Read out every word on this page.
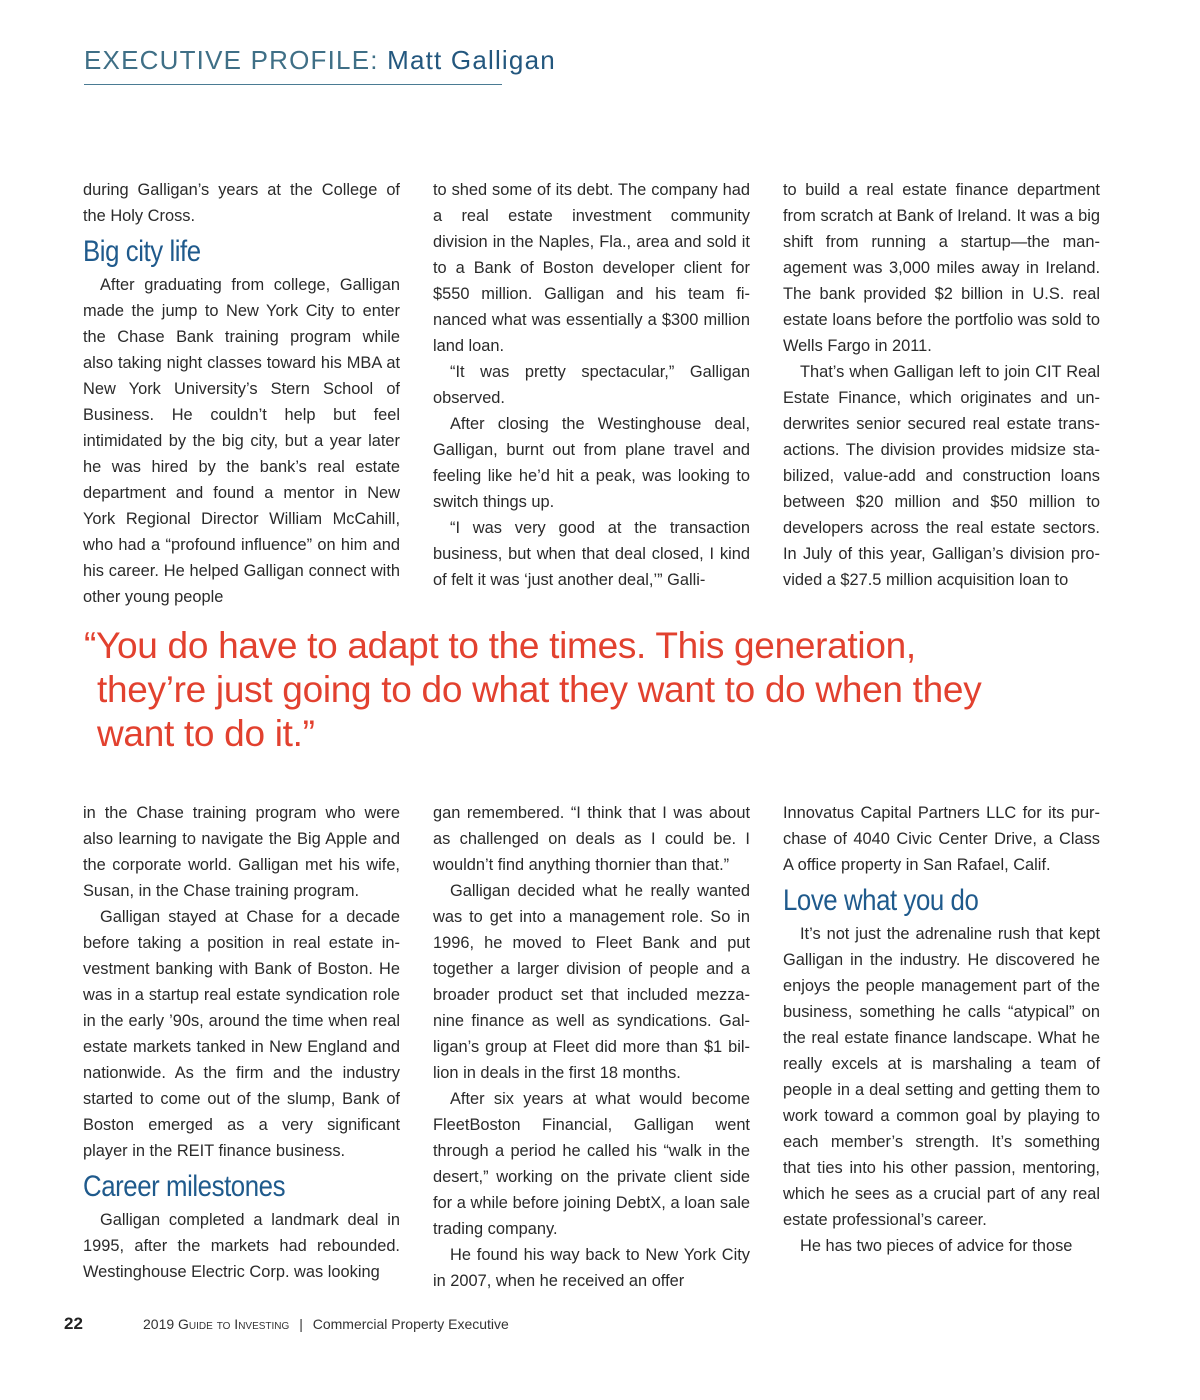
EXECUTIVE PROFILE: Matt Galligan

during Galligan’s years at the College of the Holy Cross.

Big city life

After graduating from college, Galligan made the jump to New York City to enter the Chase Bank training program while also taking night classes toward his MBA at New York University’s Stern School of Business. He couldn’t help but feel intimidated by the big city, but a year later he was hired by the bank’s real estate department and found a mentor in New York Regional Director William McCahill, who had a “profound influence” on him and his career. He helped Galligan connect with other young people

to shed some of its debt. The company had a real estate investment community division in the Naples, Fla., area and sold it to a Bank of Boston developer client for $550 million. Galligan and his team financed what was essentially a $300 million land loan.

“It was pretty spectacular,” Galligan observed.

After closing the Westinghouse deal, Galligan, burnt out from plane travel and feeling like he’d hit a peak, was looking to switch things up.

“I was very good at the transaction business, but when that deal closed, I kind of felt it was ‘just another deal,’” Galli-

to build a real estate finance department from scratch at Bank of Ireland. It was a big shift from running a startup—the management was 3,000 miles away in Ireland. The bank provided $2 billion in U.S. real estate loans before the portfolio was sold to Wells Fargo in 2011.

That’s when Galligan left to join CIT Real Estate Finance, which originates and underwrites senior secured real estate transactions. The division provides midsize stabilized, value-add and construction loans between $20 million and $50 million to developers across the real estate sectors. In July of this year, Galligan’s division provided a $27.5 million acquisition loan to

“You do have to adapt to the times. This generation,
they’re just going to do what they want to do when they
want to do it.”

in the Chase training program who were also learning to navigate the Big Apple and the corporate world. Galligan met his wife, Susan, in the Chase training program.

Galligan stayed at Chase for a decade before taking a position in real estate investment banking with Bank of Boston. He was in a startup real estate syndication role in the early ’90s, around the time when real estate markets tanked in New England and nationwide. As the firm and the industry started to come out of the slump, Bank of Boston emerged as a very significant player in the REIT finance business.

Career milestones

Galligan completed a landmark deal in 1995, after the markets had rebounded. Westinghouse Electric Corp. was looking

gan remembered. “I think that I was about as challenged on deals as I could be. I wouldn’t find anything thornier than that.”

Galligan decided what he really wanted was to get into a management role. So in 1996, he moved to Fleet Bank and put together a larger division of people and a broader product set that included mezzanine finance as well as syndications. Galligan’s group at Fleet did more than $1 billion in deals in the first 18 months.

After six years at what would become FleetBoston Financial, Galligan went through a period he called his “walk in the desert,” working on the private client side for a while before joining DebtX, a loan sale trading company.

He found his way back to New York City in 2007, when he received an offer

Innovatus Capital Partners LLC for its purchase of 4040 Civic Center Drive, a Class A office property in San Rafael, Calif.

Love what you do

It’s not just the adrenaline rush that kept Galligan in the industry. He discovered he enjoys the people management part of the business, something he calls “atypical” on the real estate finance landscape. What he really excels at is marshaling a team of people in a deal setting and getting them to work toward a common goal by playing to each member’s strength. It’s something that ties into his other passion, mentoring, which he sees as a crucial part of any real estate professional’s career.

He has two pieces of advice for those

22	2019 Guide to Investing | Commercial Property Executive
